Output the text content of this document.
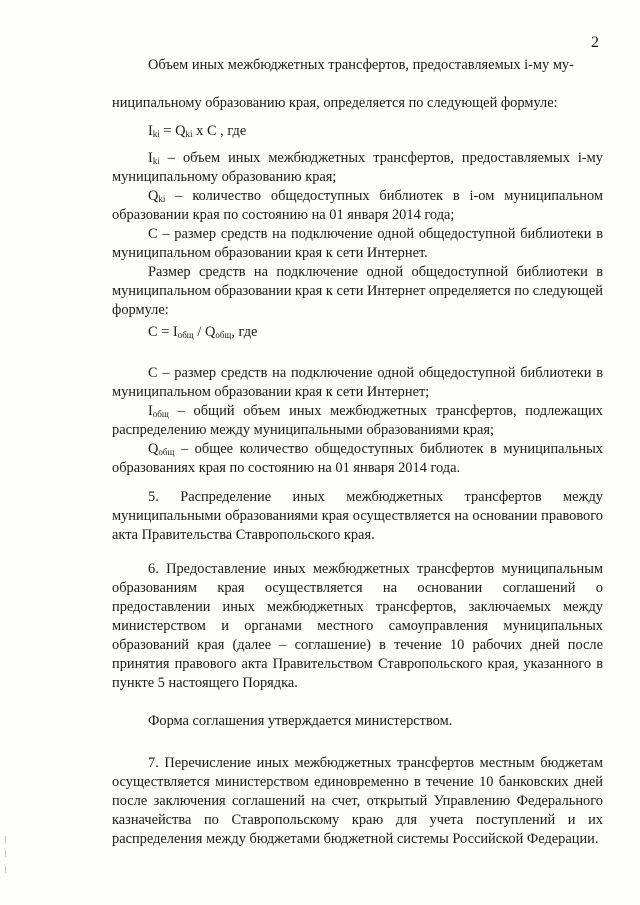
2

Объем иных межбюджетных трансфертов, предоставляемых i-му му-

ниципальному образованию края, определяется по следующей формуле:

$I_{ki} = Q_{ki}$ x С , где

$I_{ki}$ – объем иных межбюджетных трансфертов, предоставляемых i-му муниципальному образованию края;

$Q_{ki}$ – количество общедоступных библиотек в i-ом муниципальном образовании края по состоянию на 01 января 2014 года;

С – размер средств на подключение одной общедоступной библиотеки в муниципальном образовании края к сети Интернет.

Размер средств на подключение одной общедоступной библиотеки в муниципальном образовании края к сети Интернет определяется по следующей формуле:

$С = I_{общ} / Q_{общ}$, где

С – размер средств на подключение одной общедоступной библиотеки в муниципальном образовании края к сети Интернет;

$I_{общ}$ – общий объем иных межбюджетных трансфертов, подлежащих распределению между муниципальными образованиями края;

$Q_{общ}$ – общее количество общедоступных библиотек в муниципальных образованиях края по состоянию на 01 января 2014 года.

5. Распределение иных межбюджетных трансфертов между муниципальными образованиями края осуществляется на основании правового акта Правительства Ставропольского края.

6. Предоставление иных межбюджетных трансфертов муниципальным образованиям края осуществляется на основании соглашений о предоставлении иных межбюджетных трансфертов, заключаемых между министерством и органами местного самоуправления муниципальных образований края (далее – соглашение) в течение 10 рабочих дней после принятия правового акта Правительством Ставропольского края, указанного в пункте 5 настоящего Порядка.

Форма соглашения утверждается министерством.

7. Перечисление иных межбюджетных трансфертов местным бюджетам осуществляется министерством единовременно в течение 10 банковских дней после заключения соглашений на счет, открытый Управлению Федерального казначейства по Ставропольскому краю для учета поступлений и их распределения между бюджетами бюджетной системы Российской Федерации.
